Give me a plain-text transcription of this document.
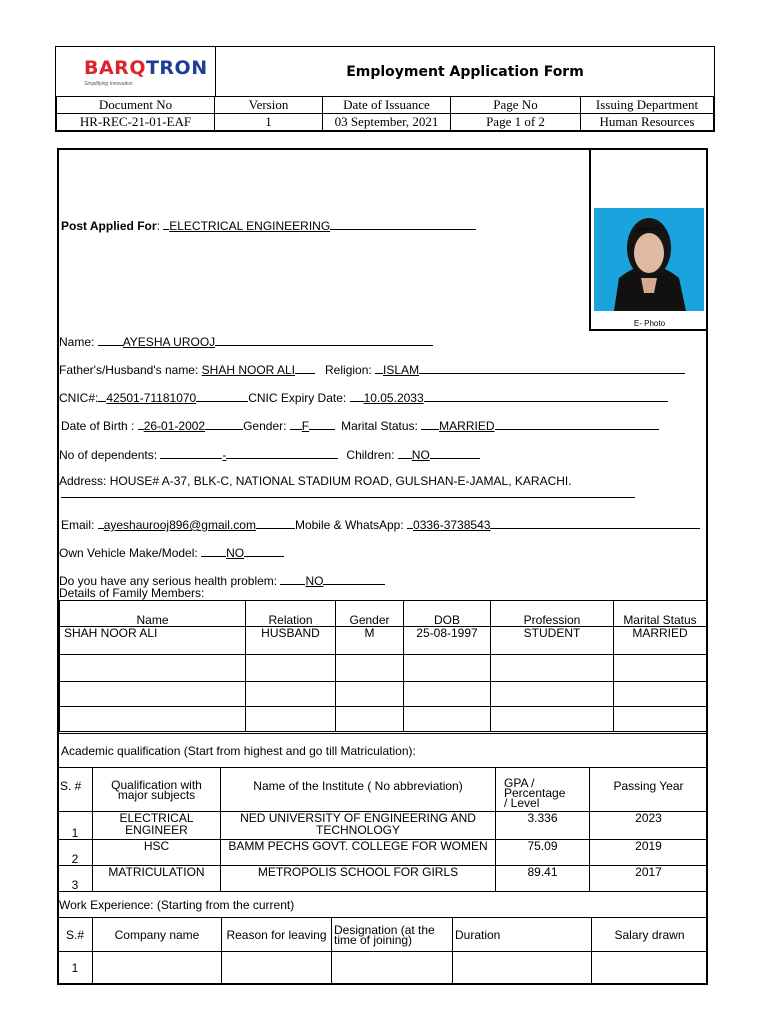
BARQTRON
Simplifying Innovation
Employment Application Form
Document No	Version	Date of Issuance	Page No	Issuing Department
HR-REC-21-01-EAF	1	03 September, 2021	Page 1 of 2	Human Resources
E- Photo
Post Applied For: ELECTRICAL ENGINEERING
Name: AYESHA UROOJ
Father's/Husband's name: SHAH NOOR ALI	Religion: ISLAM
CNIC#: 42501-71181070	CNIC Expiry Date: 10.05.2033
Date of Birth : 26-01-2002	Gender: F	Marital Status: MARRIED
No of dependents:	-	Children: NO
Address: HOUSE# A-37, BLK-C, NATIONAL STADIUM ROAD, GULSHAN-E-JAMAL, KARACHI.
Email: ayeshaurooj896@gmail.com	Mobile & WhatsApp: 0336-3738543
Own Vehicle Make/Model: NO
Do you have any serious health problem: NO
Details of Family Members:
Name	Relation	Gender	DOB	Profession	Marital Status
SHAH NOOR ALI	HUSBAND	M	25-08-1997	STUDENT	MARRIED

Academic qualification (Start from highest and go till Matriculation):
S. #	Qualification with major subjects	Name of the Institute ( No abbreviation)	GPA / Percentage / Level	Passing Year
1	ELECTRICAL ENGINEER	NED UNIVERSITY OF ENGINEERING AND TECHNOLOGY	3.336	2023
2	HSC	BAMM PECHS GOVT. COLLEGE FOR WOMEN	75.09	2019
3	MATRICULATION	METROPOLIS SCHOOL FOR GIRLS	89.41	2017
Work Experience: (Starting from the current)
S.#	Company name	Reason for leaving	Designation (at the time of joining)	Duration	Salary drawn
1					
